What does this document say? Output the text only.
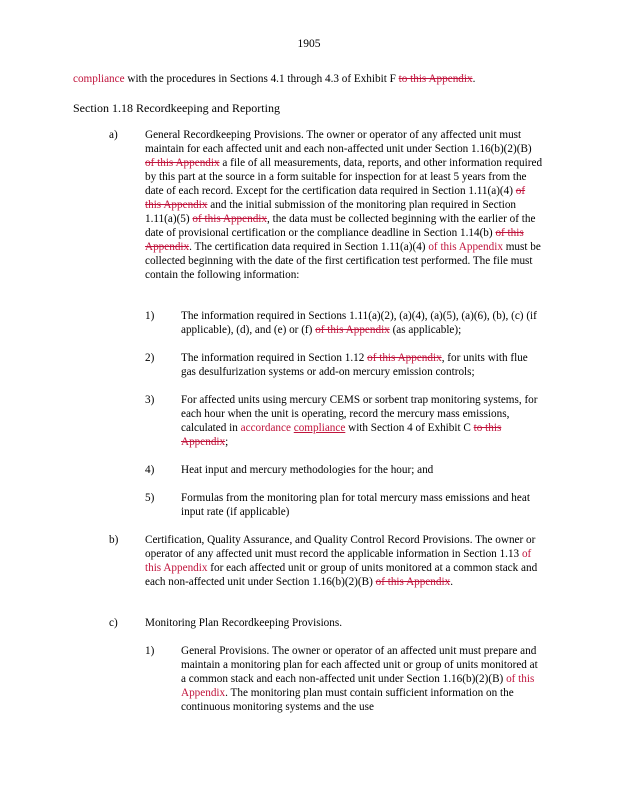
1905
compliance with the procedures in Sections 4.1 through 4.3 of Exhibit F to this Appendix.
Section 1.18 Recordkeeping and Reporting
a) General Recordkeeping Provisions. The owner or operator of any affected unit must maintain for each affected unit and each non-affected unit under Section 1.16(b)(2)(B) of this Appendix a file of all measurements, data, reports, and other information required by this part at the source in a form suitable for inspection for at least 5 years from the date of each record. Except for the certification data required in Section 1.11(a)(4) of this Appendix and the initial submission of the monitoring plan required in Section 1.11(a)(5) of this Appendix, the data must be collected beginning with the earlier of the date of provisional certification or the compliance deadline in Section 1.14(b) of this Appendix. The certification data required in Section 1.11(a)(4) of this Appendix must be collected beginning with the date of the first certification test performed. The file must contain the following information:
1) The information required in Sections 1.11(a)(2), (a)(4), (a)(5), (a)(6), (b), (c) (if applicable), (d), and (e) or (f) of this Appendix (as applicable);
2) The information required in Section 1.12 of this Appendix, for units with flue gas desulfurization systems or add-on mercury emission controls;
3) For affected units using mercury CEMS or sorbent trap monitoring systems, for each hour when the unit is operating, record the mercury mass emissions, calculated in accordance compliance with Section 4 of Exhibit C to this Appendix;
4) Heat input and mercury methodologies for the hour; and
5) Formulas from the monitoring plan for total mercury mass emissions and heat input rate (if applicable)
b) Certification, Quality Assurance, and Quality Control Record Provisions. The owner or operator of any affected unit must record the applicable information in Section 1.13 of this Appendix for each affected unit or group of units monitored at a common stack and each non-affected unit under Section 1.16(b)(2)(B) of this Appendix.
c) Monitoring Plan Recordkeeping Provisions.
1) General Provisions. The owner or operator of an affected unit must prepare and maintain a monitoring plan for each affected unit or group of units monitored at a common stack and each non-affected unit under Section 1.16(b)(2)(B) of this Appendix. The monitoring plan must contain sufficient information on the continuous monitoring systems and the use
